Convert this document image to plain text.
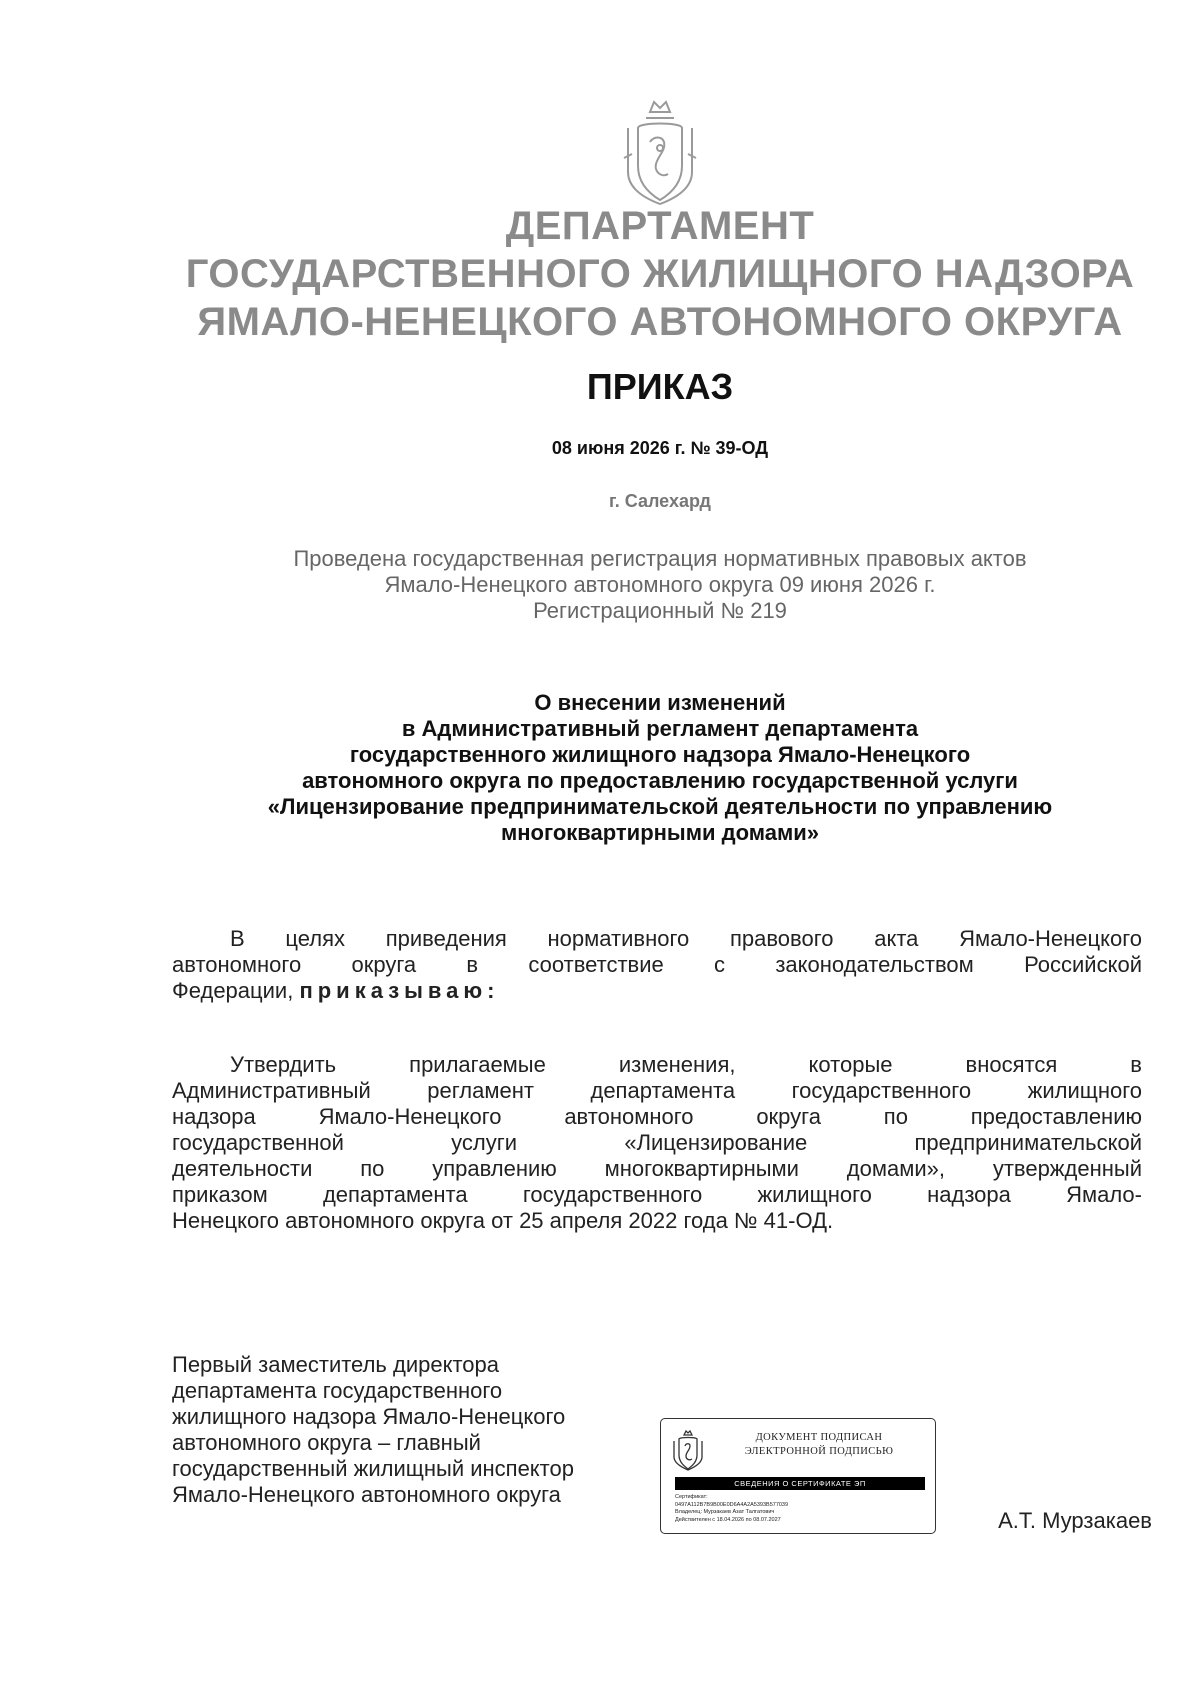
ДЕПАРТАМЕНТ
ГОСУДАРСТВЕННОГО ЖИЛИЩНОГО НАДЗОРА
ЯМАЛО-НЕНЕЦКОГО АВТОНОМНОГО ОКРУГА
ПРИКАЗ
08 июня 2026 г. № 39-ОД
г. Салехард
Проведена государственная регистрация нормативных правовых актов
Ямало-Ненецкого автономного округа 09 июня 2026 г.
Регистрационный № 219
О внесении изменений
в Административный регламент департамента
государственного жилищного надзора Ямало-Ненецкого
автономного округа по предоставлению государственной услуги
«Лицензирование предпринимательской деятельности по управлению
многоквартирными домами»
В целях приведения нормативного правового акта Ямало-Ненецкого
автономного округа в соответствие с законодательством Российской
Федерации, приказываю:
Утвердить прилагаемые изменения, которые вносятся в
Административный регламент департамента государственного жилищного
надзора Ямало-Ненецкого автономного округа по предоставлению
государственной услуги «Лицензирование предпринимательской
деятельности по управлению многоквартирными домами», утвержденный
приказом департамента государственного жилищного надзора Ямало-
Ненецкого автономного округа от 25 апреля 2022 года № 41-ОД.
Первый заместитель директора
департамента государственного
жилищного надзора Ямало-Ненецкого
автономного округа – главный
государственный жилищный инспектор
Ямало-Ненецкого автономного округа
ДОКУМЕНТ ПОДПИСАН
ЭЛЕКТРОННОЙ ПОДПИСЬЮ
СВЕДЕНИЯ О СЕРТИФИКАТЕ ЭП
Сертификат:
0497A112B7B9B00E0D6A4A2A5393B577039
Владелец: Мурзакаев Азат Талгатович
Действителен с 18.04.2026 по 08.07.2027	А.Т. Мурзакаев
